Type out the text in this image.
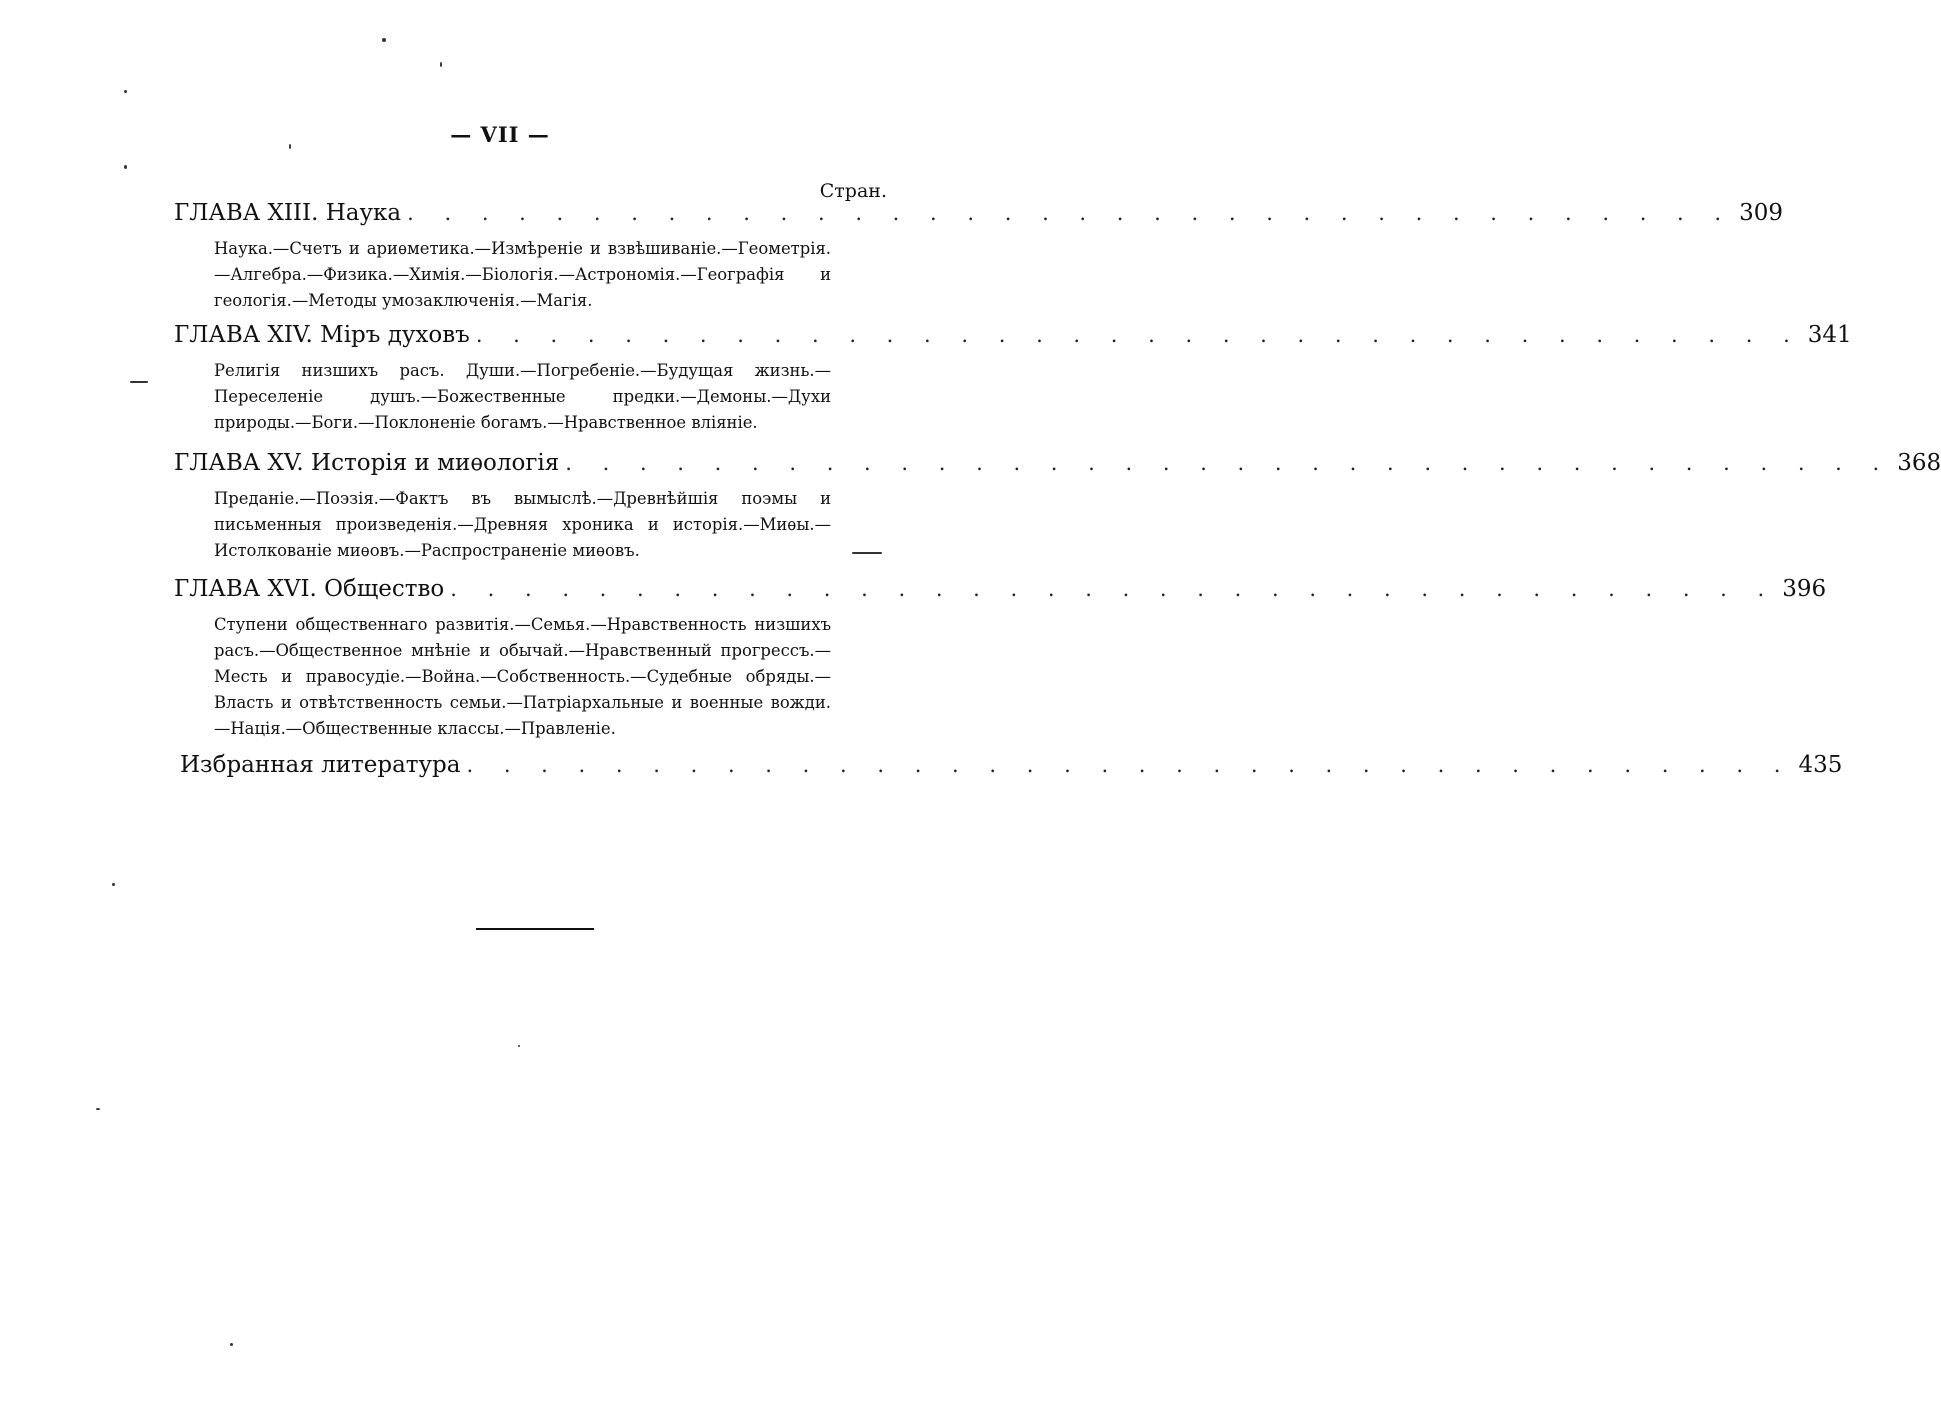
— VII —
Стран.
ГЛАВА XIII. Наука . . . . . . . . . . . . . . . . . . . . . . . . . . . . . . . . . . . . 309

Наука.—Счетъ и ариѳметика.—Измѣреніе и взвѣшиваніе.—Геометрія.—Алгебра.—Физика.—Химія.—Біологія.—Астрономія.—Географія и геологія.—Методы умозаключенія.—Магія.

ГЛАВА XIV. Міръ духовъ . . . . . . . . . . . . . . . . . . . . . . . . . . . . . . . . . . . . 341

Религія низшихъ расъ. Души.—Погребеніе.—Будущая жизнь.—Переселеніе душъ.—Божественные предки.—Демоны.—Духи природы.—Боги.—Поклоненіе богамъ.—Нравственное вліяніе.

ГЛАВА XV. Исторія и миѳологія . . . . . . . . . . . . . . . . . . . . . . . . . . . . . . . . . . . . 368

Преданіе.—Поэзія.—Фактъ въ вымыслѣ.—Древнѣйшія поэмы и письменныя произведенія.—Древняя хроника и исторія.—Миѳы.—Истолкованіе миѳовъ.—Распространеніе миѳовъ.

ГЛАВА XVI. Общество . . . . . . . . . . . . . . . . . . . . . . . . . . . . . . . . . . . . 396

Ступени общественнаго развитія.—Семья.—Нравственность низшихъ расъ.—Общественное мнѣніе и обычай.—Нравственный прогрессъ.—Месть и правосудіе.—Война.—Собственность.—Судебные обряды.—Власть и отвѣтственность семьи.—Патріархальные и военные вожди.—Нація.—Общественные классы.—Правленіе.

Избранная литература . . . . . . . . . . . . . . . . . . . . . . . . . . . . . . . . . . . . 435
